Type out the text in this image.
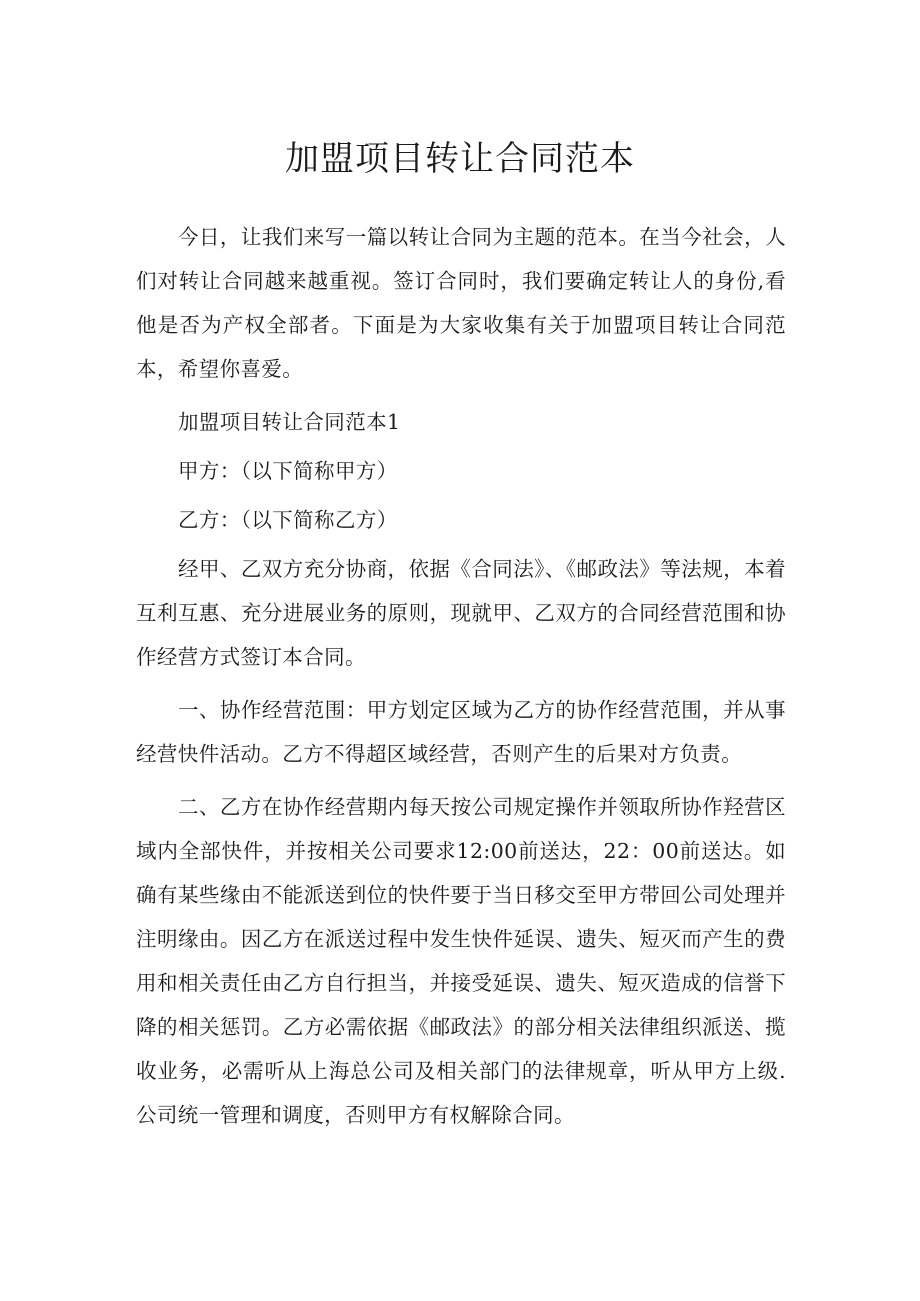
加盟项目转让合同范本

今日，让我们来写一篇以转让合同为主题的范本。在当今社会，人们对转让合同越来越重视。签订合同时，我们要确定转让人的身份,看他是否为产权全部者。下面是为大家收集有关于加盟项目转让合同范本，希望你喜爱。

加盟项目转让合同范本1

甲方：（以下简称甲方）

乙方：（以下简称乙方）

经甲、乙双方充分协商，依据《合同法》、《邮政法》等法规，本着互利互惠、充分进展业务的原则，现就甲、乙双方的合同经营范围和协作经营方式签订本合同。

一、协作经营范围：甲方划定区域为乙方的协作经营范围，并从事经营快件活动。乙方不得超区域经营，否则产生的后果对方负责。

二、乙方在协作经营期内每天按公司规定操作并领取所协作羟营区域内全部快件，并按相关公司要求12:00前送达，22：00前送达。如确有某些缘由不能派送到位的快件要于当日移交至甲方带回公司处理并注明缘由。因乙方在派送过程中发生快件延误、遗失、短灭而产生的费用和相关责任由乙方自行担当，并接受延误、遗失、短灭造成的信誉下降的相关惩罚。乙方必需依据《邮政法》的部分相关法律组织派送、揽收业务，必需听从上海总公司及相关部门的法律规章，听从甲方上级.公司统一管理和调度，否则甲方有权解除合同。
